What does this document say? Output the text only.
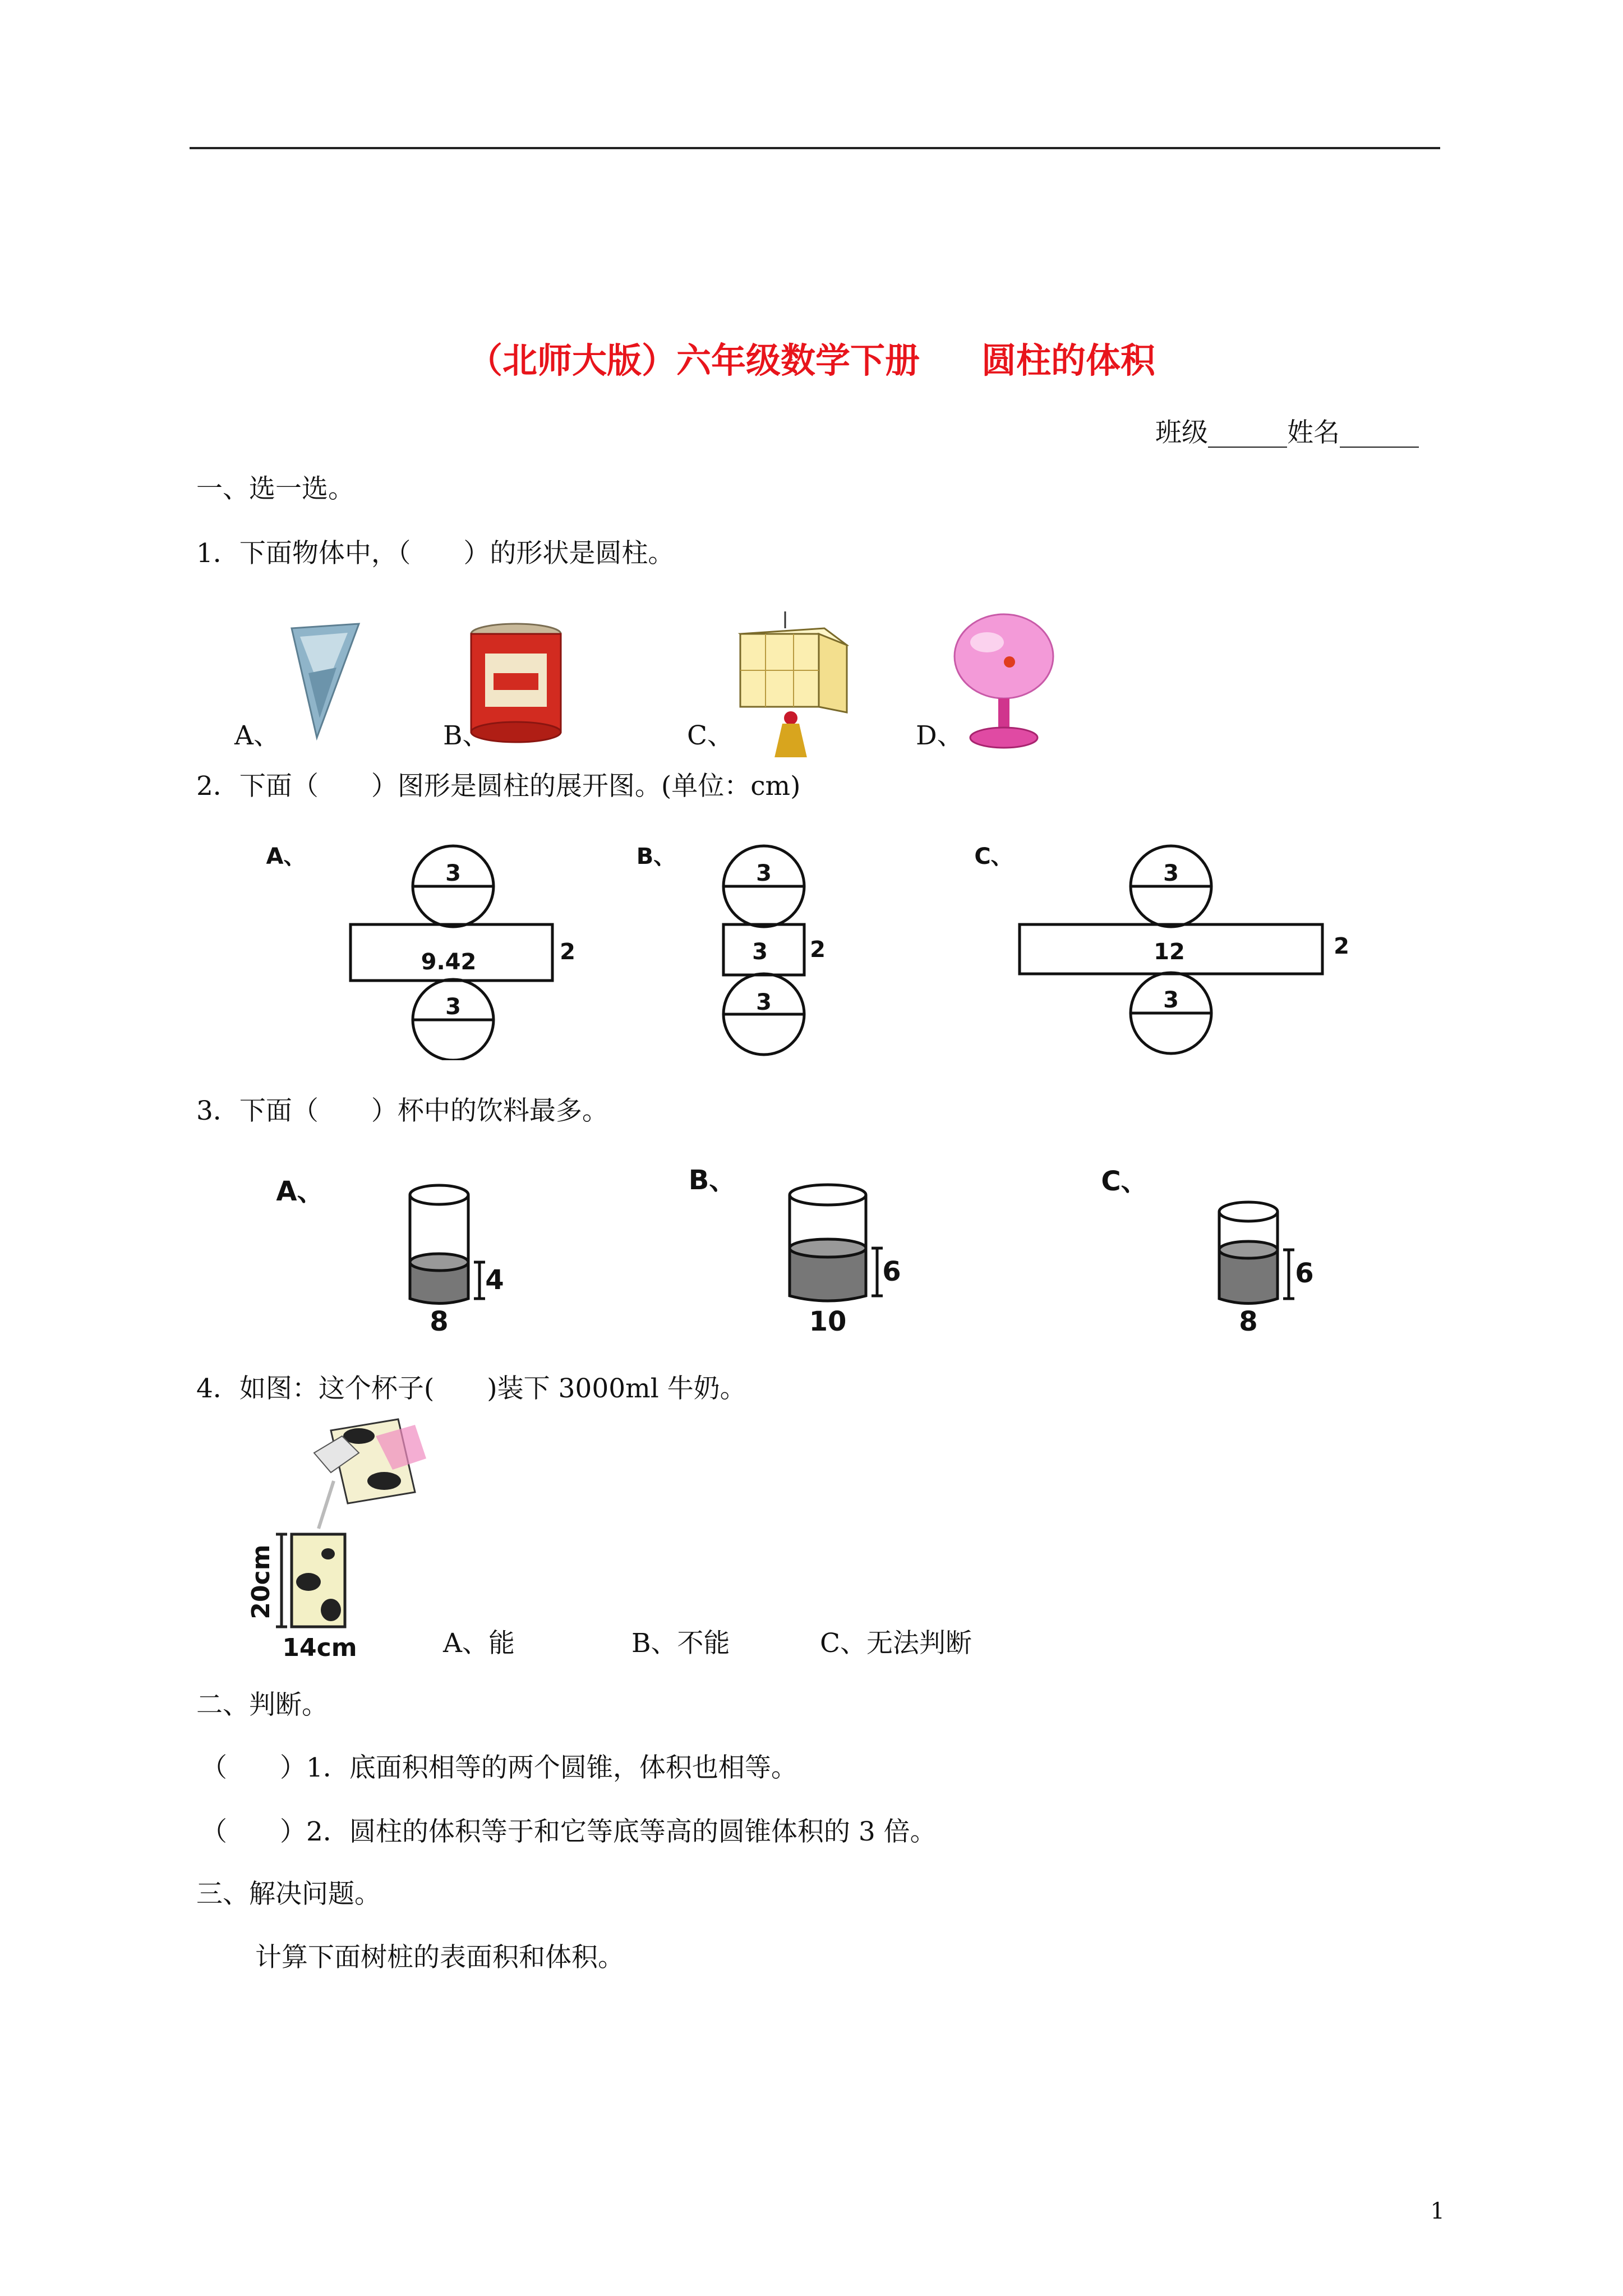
（北师大版）六年级数学下册 圆柱的体积
班级______姓名______
一、选一选。
1．下面物体中，（　　）的形状是圆柱。
A、	B、	C、	D、
2．下面（　　）图形是圆柱的展开图。(单位：cm)
A、
3
9.42	2
3
B、
3
3 2
3
C、
3
12	2
3
3．下面（　　）杯中的饮料最多。
A、
4
8
B、
6
10
C、
6
8
4．如图：这个杯子(　　)装下 3000ml 牛奶。
20cm
14cm	A、能	B、不能	C、无法判断
二、判断。
（　　）1．底面积相等的两个圆锥，体积也相等。
（　　）2．圆柱的体积等于和它等底等高的圆锥体积的 3 倍。
三、解决问题。
计算下面树桩的表面积和体积。
1
